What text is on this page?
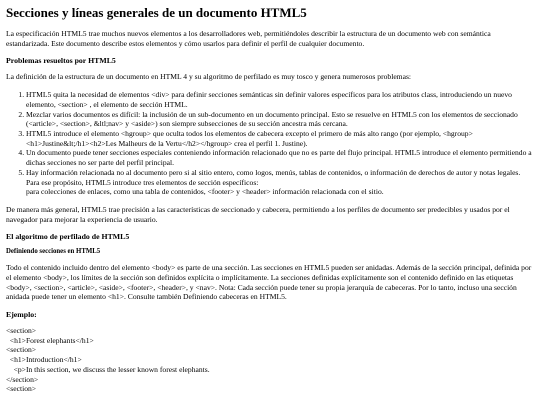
Secciones y líneas generales de un documento HTML5

La especificación HTML5 trae muchos nuevos elementos a los desarrolladores web, permitiéndoles describir la estructura de un documento web con semántica estandarizada. Este documento describe estos elementos y cómo usarlos para definir el perfil de cualquier documento.

Problemas resueltos por HTML5

La definición de la estructura de un documento en HTML 4 y su algoritmo de perfilado es muy tosco y genera numerosos problemas:

1. HTML5 quita la necesidad de elementos <div> para definir secciones semánticas sin definir valores específicos para los atributos class, introduciendo un nuevo elemento, <section> , el elemento de sección HTML.
2. Mezclar varios documentos es difícil: la inclusión de un sub-documento en un documento principal. Esto se resuelve en HTML5 con los elementos de seccionado (<article>, <section>, &ltl;nav> y <aside>) son siempre subsecciones de su sección ancestra más cercana.
3. HTML5 introduce el elemento <hgroup> que oculta todos los elementos de cabecera excepto el primero de más alto rango (por ejemplo, <hgroup><h1>Justine&lt;/h1><h2>Les Malheurs de la Vertu</h2></hgroup> crea el perfil 1. Justine).
4. Un documento puede tener secciones especiales conteniendo información relacionado que no es parte del flujo principal. HTML5 introduce el elemento permitiendo a dichas secciones no ser parte del perfil principal.
5. Hay información relacionada no al documento pero si al sitio entero, como logos, menús, tablas de contenidos, o información de derechos de autor y notas legales. Para ese propósito, HTML5 introduce tres elementos de sección específicos:
para colecciones de enlaces, como una tabla de contenidos, <footer> y <header> información relacionada con el sitio.

De manera más general, HTML5 trae precisión a las características de seccionado y cabecera, permitiendo a los perfiles de documento ser predecibles y usados por el navegador para mejorar la experiencia de usuario.

El algoritmo de perfilado de HTML5
Definiendo secciones en HTML5

Todo el contenido incluido dentro del elemento <body> es parte de una sección. Las secciones en HTML5 pueden ser anidadas. Además de la sección principal, definida por el elemento <body>, los límites de la sección son definidos explícita o implícitamente. La secciones definidas explícitamente son el contenido definido en las etiquetas <body>, <section>, <article>, <aside>, <footer>, <header>, y <nav>. Nota: Cada sección puede tener su propia jerarquía de cabeceras. Por lo tanto, incluso una sección anidada puede tener un elemento <h1>. Consulte también Definiendo cabeceras en HTML5.

Ejemplo:
<section>
<h1>Forest elephants</h1>
<section>
<h1>Introduction</h1>
<p>In this section, we discuss the lesser known forest elephants.
</section>
<section>
